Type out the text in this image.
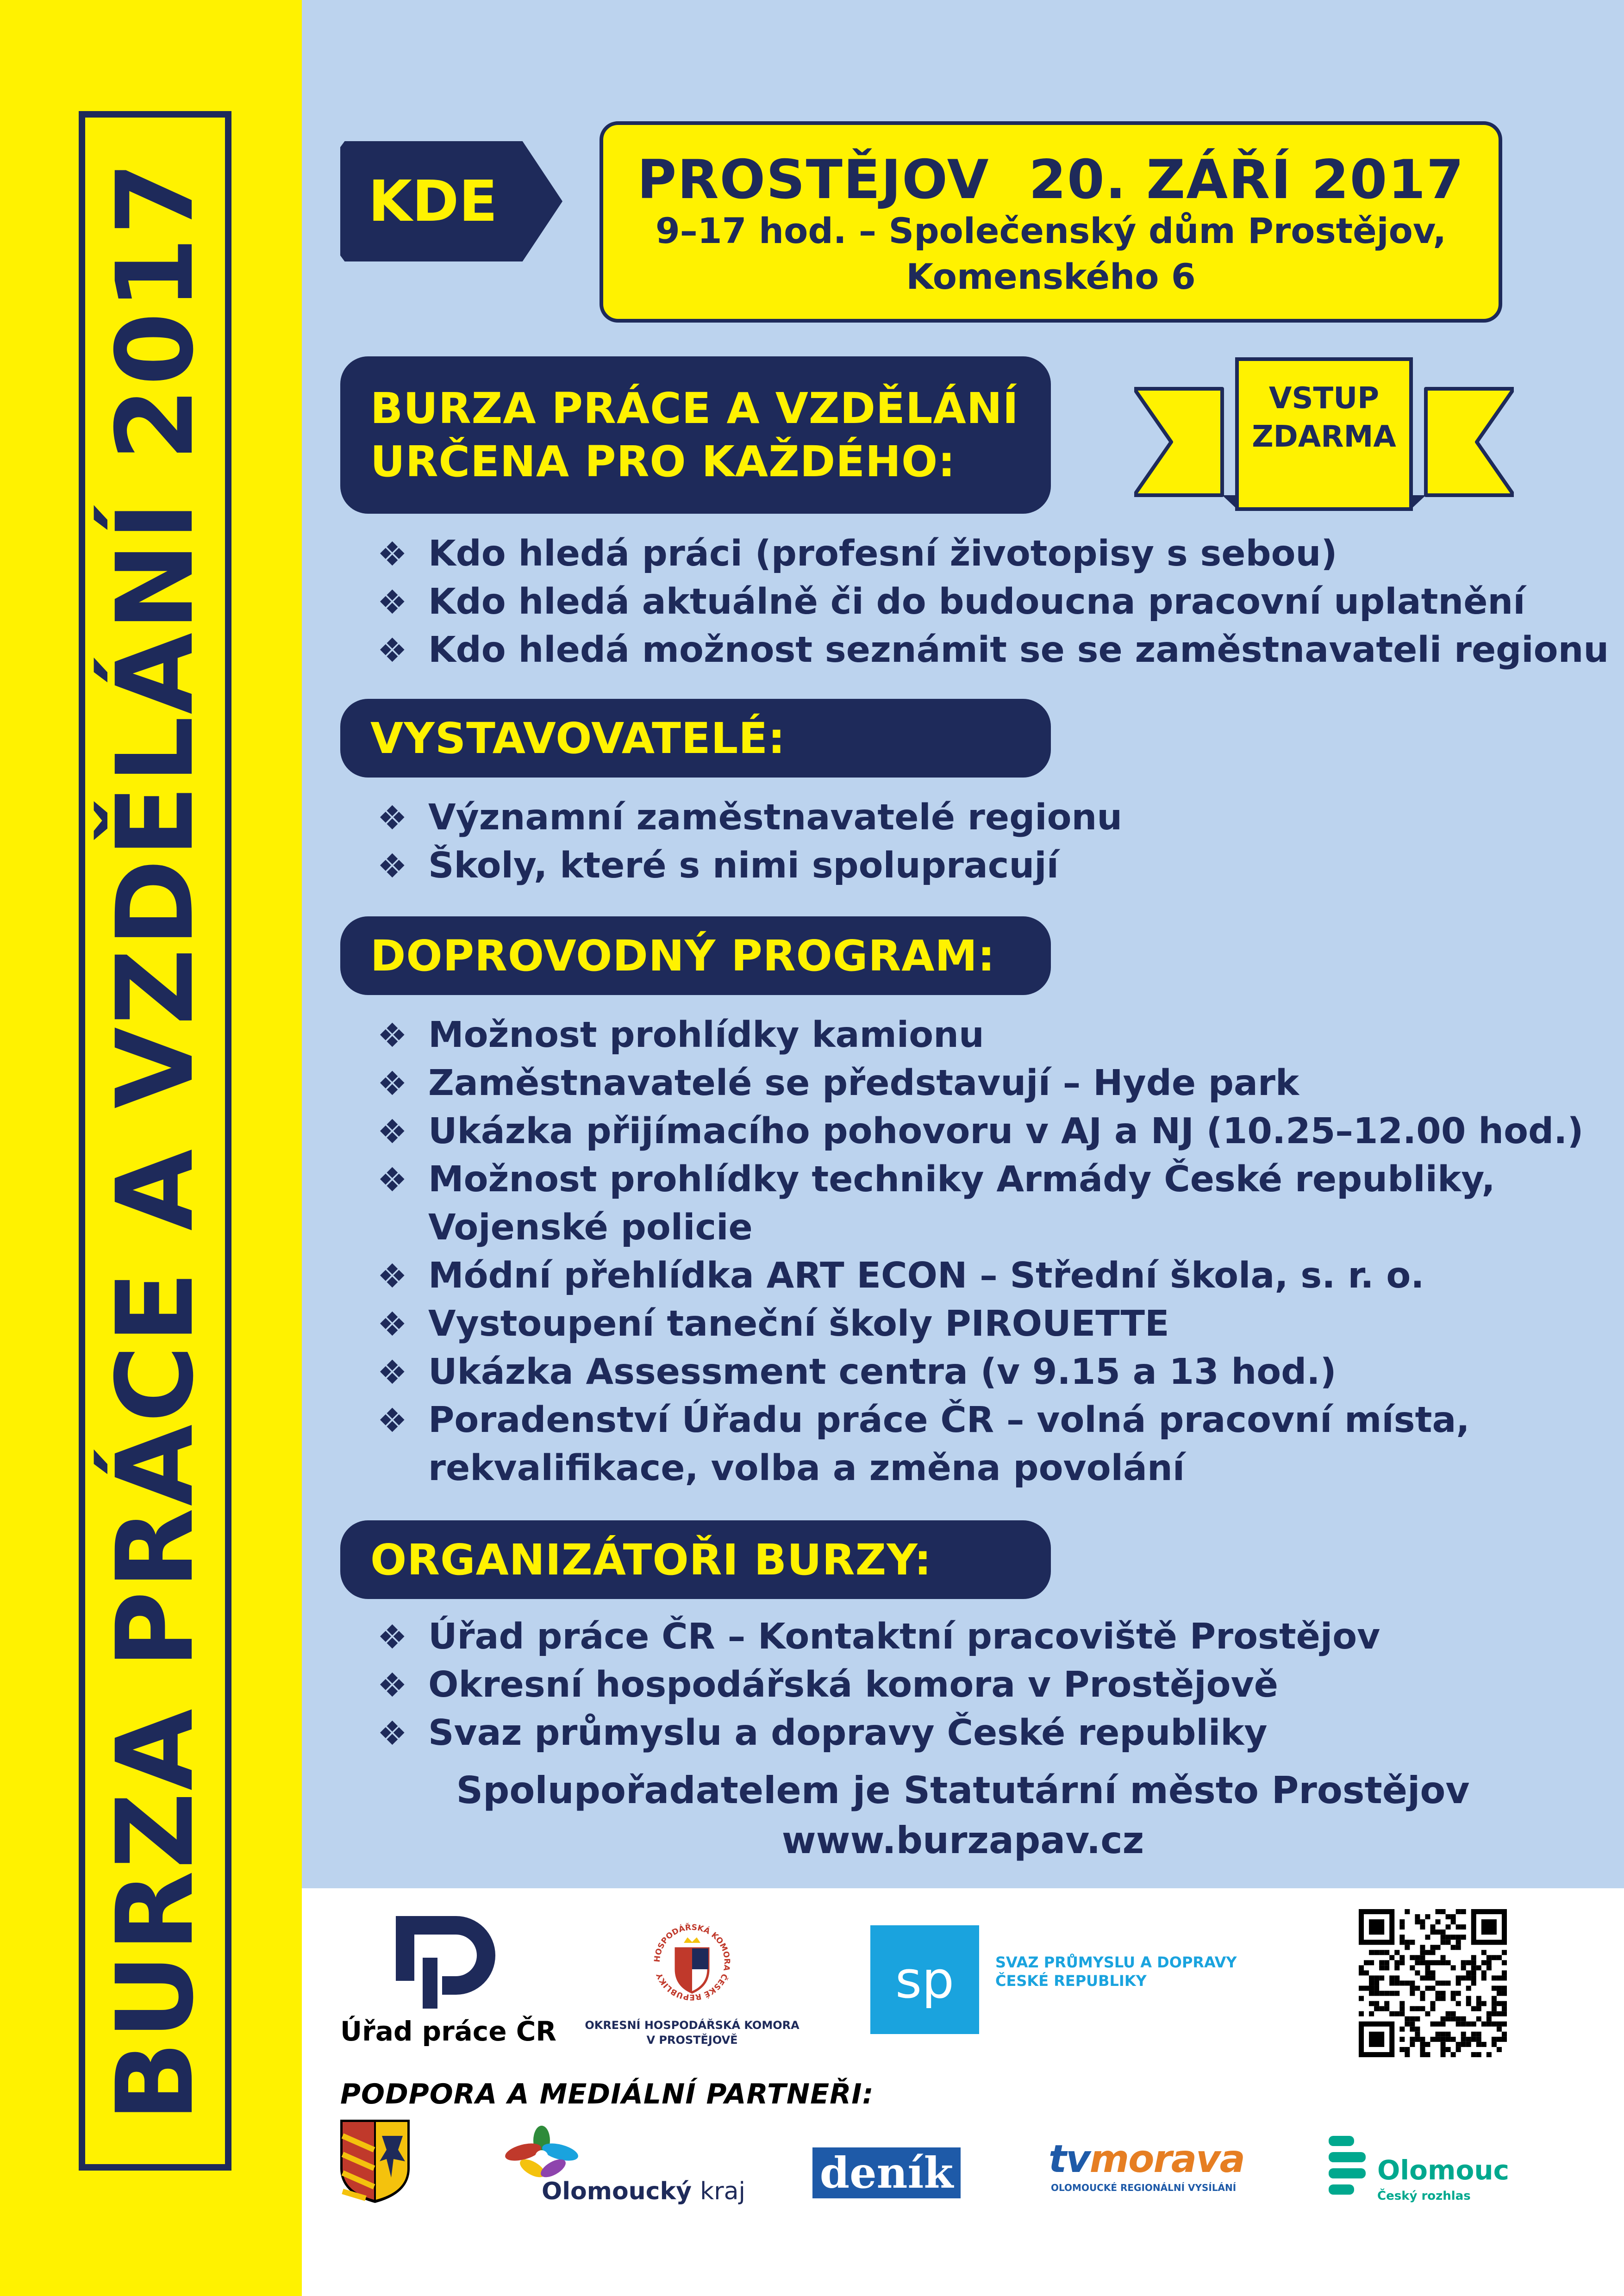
BURZA PRÁCE A VZDĚLÁNÍ 2017	KDE	PROSTĚJOV  20. ZÁŘÍ 2017
9–17 hod. – Společenský dům Prostějov,
Komenského 6
VSTUP
ZDARMA
BURZA PRÁCE A VZDĚLÁNÍ
URČENA PRO KAŽDÉHO:
❖ Kdo hledá práci (profesní životopisy s sebou)
❖ Kdo hledá aktuálně či do budoucna pracovní uplatnění
❖ Kdo hledá možnost seznámit se se zaměstnavateli regionu
VYSTAVOVATELÉ:
❖ Významní zaměstnavatelé regionu
❖ Školy, které s nimi spolupracují
DOPROVODNÝ PROGRAM:
❖ Možnost prohlídky kamionu
❖ Zaměstnavatelé se představují – Hyde park
❖ Ukázka přijímacího pohovoru v AJ a NJ (10.25–12.00 hod.)
❖ Možnost prohlídky techniky Armády České republiky,
Vojenské policie
❖ Módní přehlídka ART ECON – Střední škola, s. r. o.
❖ Vystoupení taneční školy PIROUETTE
❖ Ukázka Assessment centra (v 9.15 a 13 hod.)
❖ Poradenství Úřadu práce ČR – volná pracovní místa,
rekvalifikace, volba a změna povolání
ORGANIZÁTOŘI BURZY:
❖ Úřad práce ČR – Kontaktní pracoviště Prostějov
❖ Okresní hospodářská komora v Prostějově
❖ Svaz průmyslu a dopravy České republiky
Spolupořadatelem je Statutární město Prostějov
www.burzapav.cz
Úřad práce ČR
HOSPODÁŘSKÁ KOMORA ČESKÉ REPUBLIKY
OKRESNÍ HOSPODÁŘSKÁ KOMORA
V PROSTĚJOVĚ
sp	SVAZ PRŮMYSLU A DOPRAVY
ČESKÉ REPUBLIKY
PODPORA A MEDIÁLNÍ PARTNEŘI:
Olomoucký kraj deník	tvmorava
OLOMOUCKÉ REGIONÁLNÍ VYSÍLÁNÍ
Olomouc
Český rozhlas
